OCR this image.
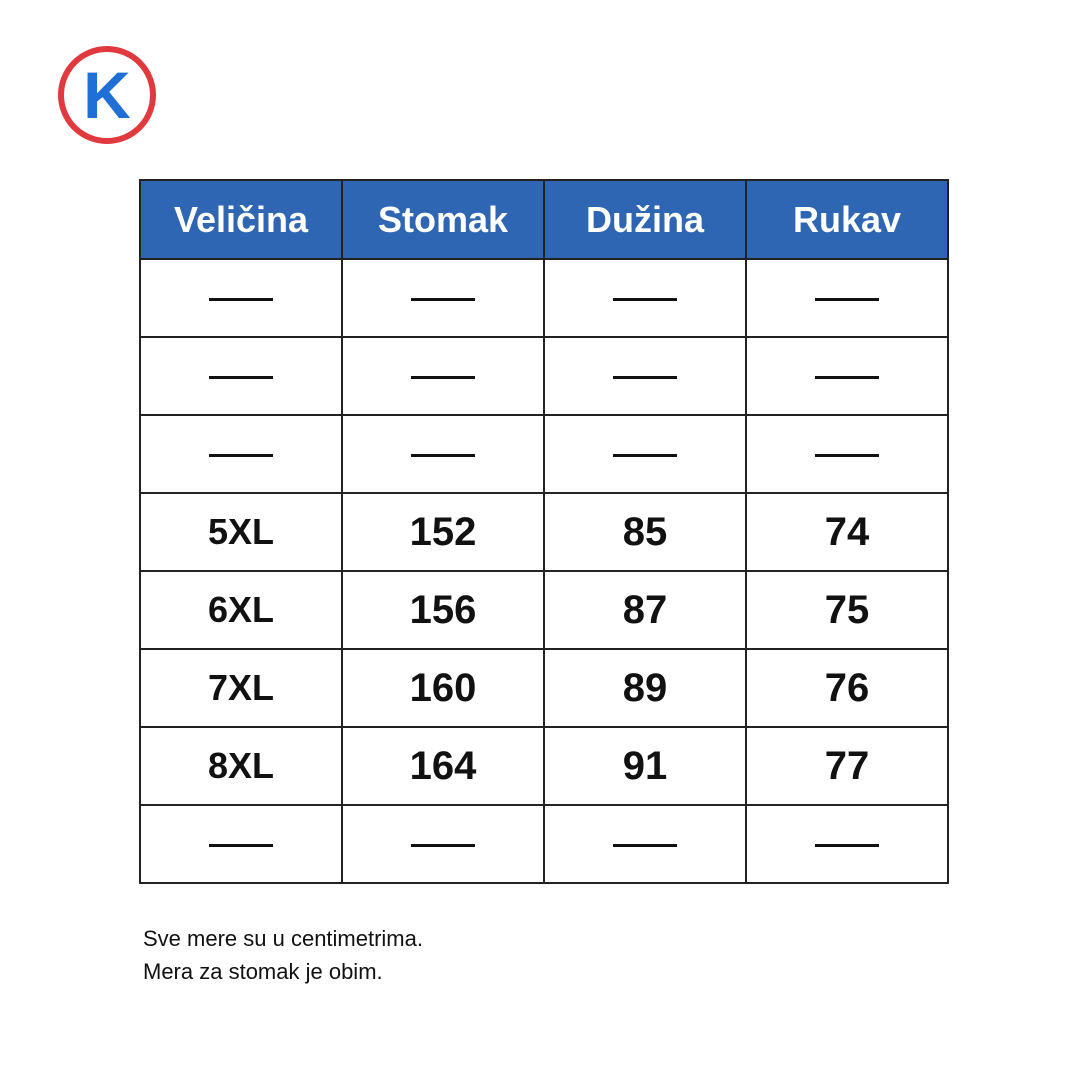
K
Veličina	Stomak	Dužina	Rukav

5XL	152	85	74
6XL	156	87	75
7XL	160	89	76
8XL	164	91	77

Sve mere su u centimetrima.
Mera za stomak je obim.
